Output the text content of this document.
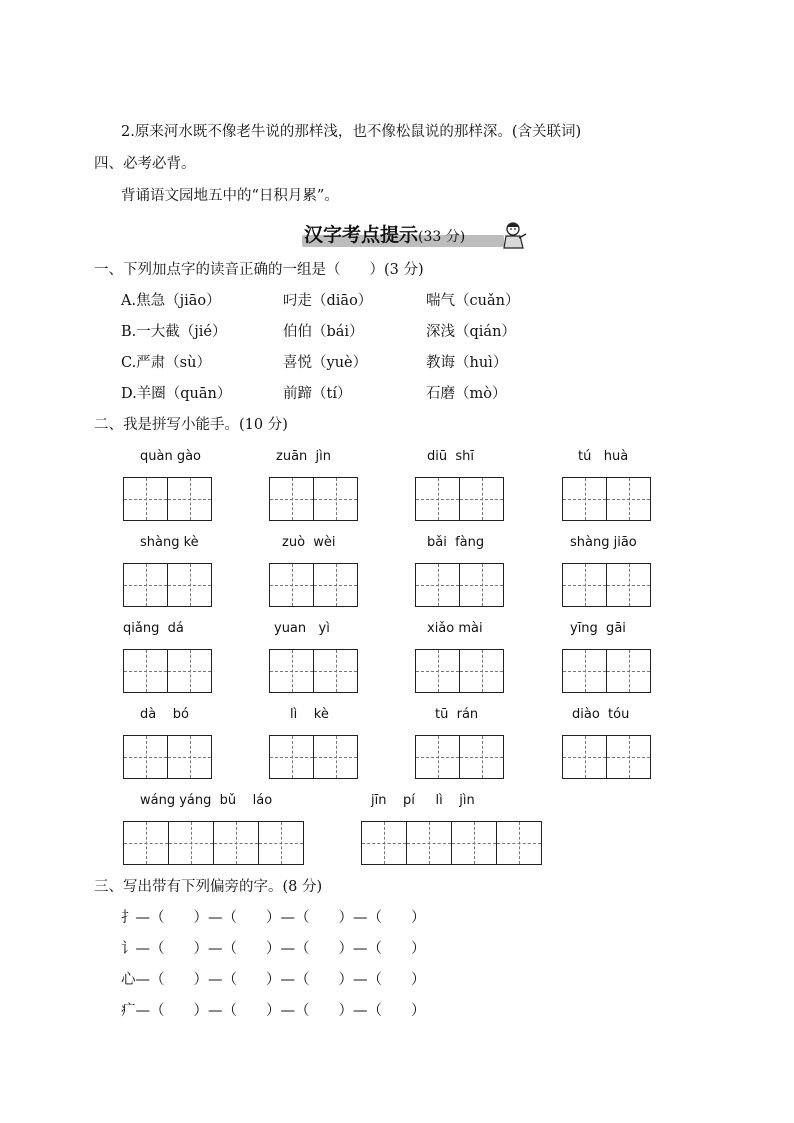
2.原来河水既不像老牛说的那样浅，也不像松鼠说的那样深。(含关联词)
四、必考必背。
背诵语文园地五中的“日积月累”。
汉字考点提示(33 分)
一、下列加点字的读音正确的一组是（　　）(3 分)
A.焦急（jiāo）	叼走（diāo）	喘气（cuǎn）
B.一大截（jié）	伯伯（bái）	深浅（qián）
C.严肃（sù）	喜悦（yuè）	教诲（huì）
D.羊圈（quān）	前蹄（tí）	石磨（mò）
二、我是拼写小能手。(10 分)
quàn gào	zuān  jìn	diū  shī	tú   huà
shàng kè	zuò  wèi	bǎi  fàng	shàng jiāo
qiǎng  dá	yuan   yì	xiǎo mài	yīng  gāi
dà    bó	lì    kè	tū  rán	diào  tóu
wáng yáng  bǔ    láo	jīn    pí     lì    jìn
三、写出带有下列偏旁的字。(8 分)
扌—（　　）—（　　）—（　　）—（　　）
讠—（　　）—（　　）—（　　）—（　　）
心—（　　）—（　　）—（　　）—（　　）
疒—（　　）—（　　）—（　　）—（　　）
